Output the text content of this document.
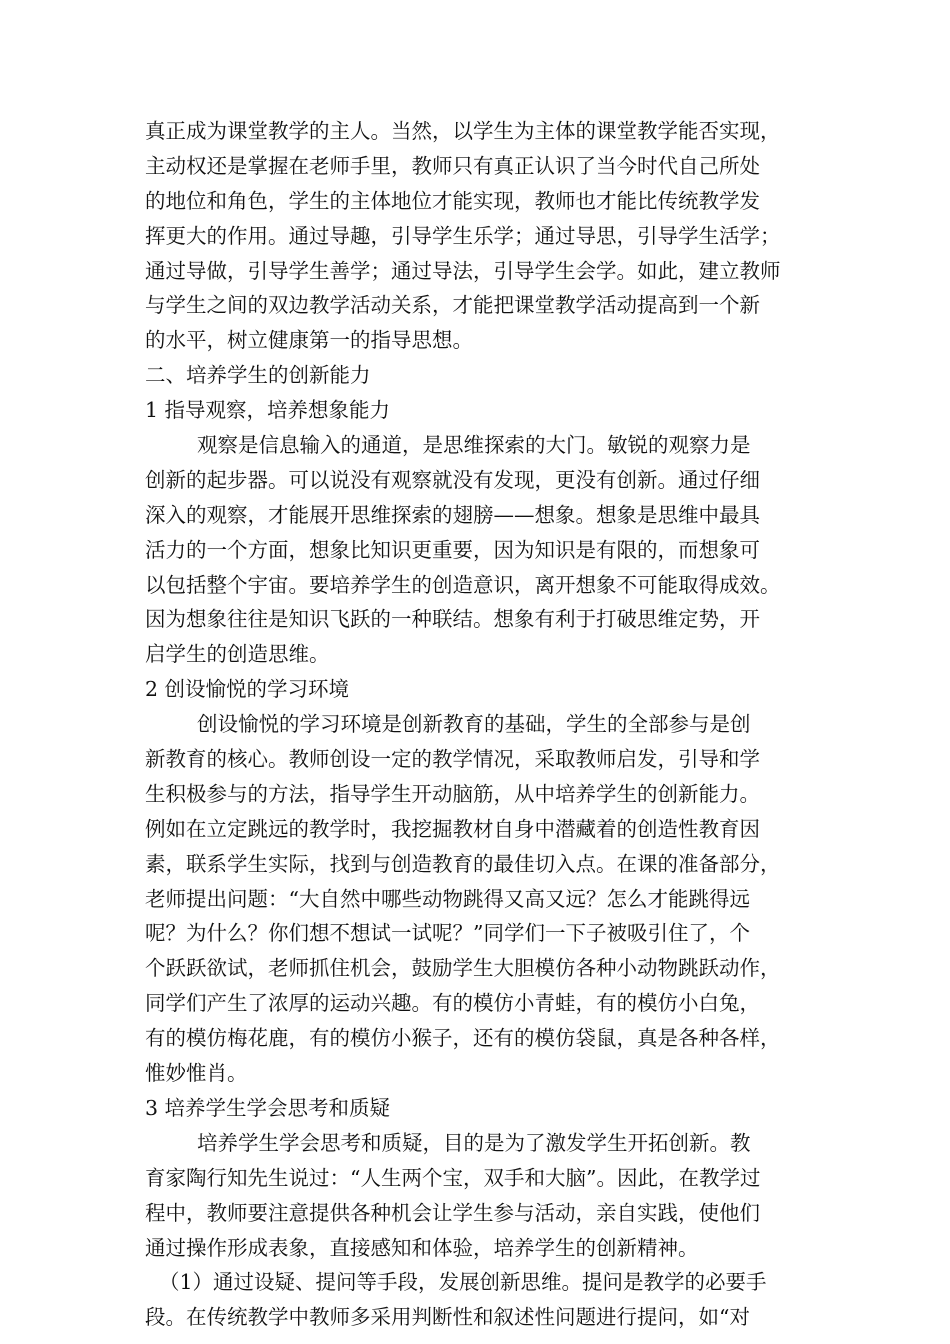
真正成为课堂教学的主人。当然，以学生为主体的课堂教学能否实现，
主动权还是掌握在老师手里，教师只有真正认识了当今时代自己所处
的地位和角色，学生的主体地位才能实现，教师也才能比传统教学发
挥更大的作用。通过导趣，引导学生乐学；通过导思，引导学生活学；
通过导做，引导学生善学；通过导法，引导学生会学。如此，建立教师
与学生之间的双边教学活动关系，才能把课堂教学活动提高到一个新
的水平，树立健康第一的指导思想。
二、培养学生的创新能力
1 指导观察，培养想象能力
观察是信息输入的通道，是思维探索的大门。敏锐的观察力是
创新的起步器。可以说没有观察就没有发现，更没有创新。通过仔细
深入的观察，才能展开思维探索的翅膀——想象。想象是思维中最具
活力的一个方面，想象比知识更重要，因为知识是有限的，而想象可
以包括整个宇宙。要培养学生的创造意识，离开想象不可能取得成效。
因为想象往往是知识飞跃的一种联结。想象有利于打破思维定势，开
启学生的创造思维。
2 创设愉悦的学习环境
创设愉悦的学习环境是创新教育的基础，学生的全部参与是创
新教育的核心。教师创设一定的教学情况，采取教师启发，引导和学
生积极参与的方法，指导学生开动脑筋，从中培养学生的创新能力。
例如在立定跳远的教学时，我挖掘教材自身中潜藏着的创造性教育因
素，联系学生实际，找到与创造教育的最佳切入点。在课的准备部分，
老师提出问题：“大自然中哪些动物跳得又高又远？怎么才能跳得远
呢？为什么？你们想不想试一试呢？”同学们一下子被吸引住了，个
个跃跃欲试，老师抓住机会，鼓励学生大胆模仿各种小动物跳跃动作，
同学们产生了浓厚的运动兴趣。有的模仿小青蛙，有的模仿小白兔，
有的模仿梅花鹿，有的模仿小猴子，还有的模仿袋鼠，真是各种各样，
惟妙惟肖。
3 培养学生学会思考和质疑
培养学生学会思考和质疑，目的是为了激发学生开拓创新。教
育家陶行知先生说过：“人生两个宝，双手和大脑”。因此，在教学过
程中，教师要注意提供各种机会让学生参与活动，亲自实践，使他们
通过操作形成表象，直接感知和体验，培养学生的创新精神。
（1）通过设疑、提问等手段，发展创新思维。提问是教学的必要手
段。在传统教学中教师多采用判断性和叙述性问题进行提问，如“对
